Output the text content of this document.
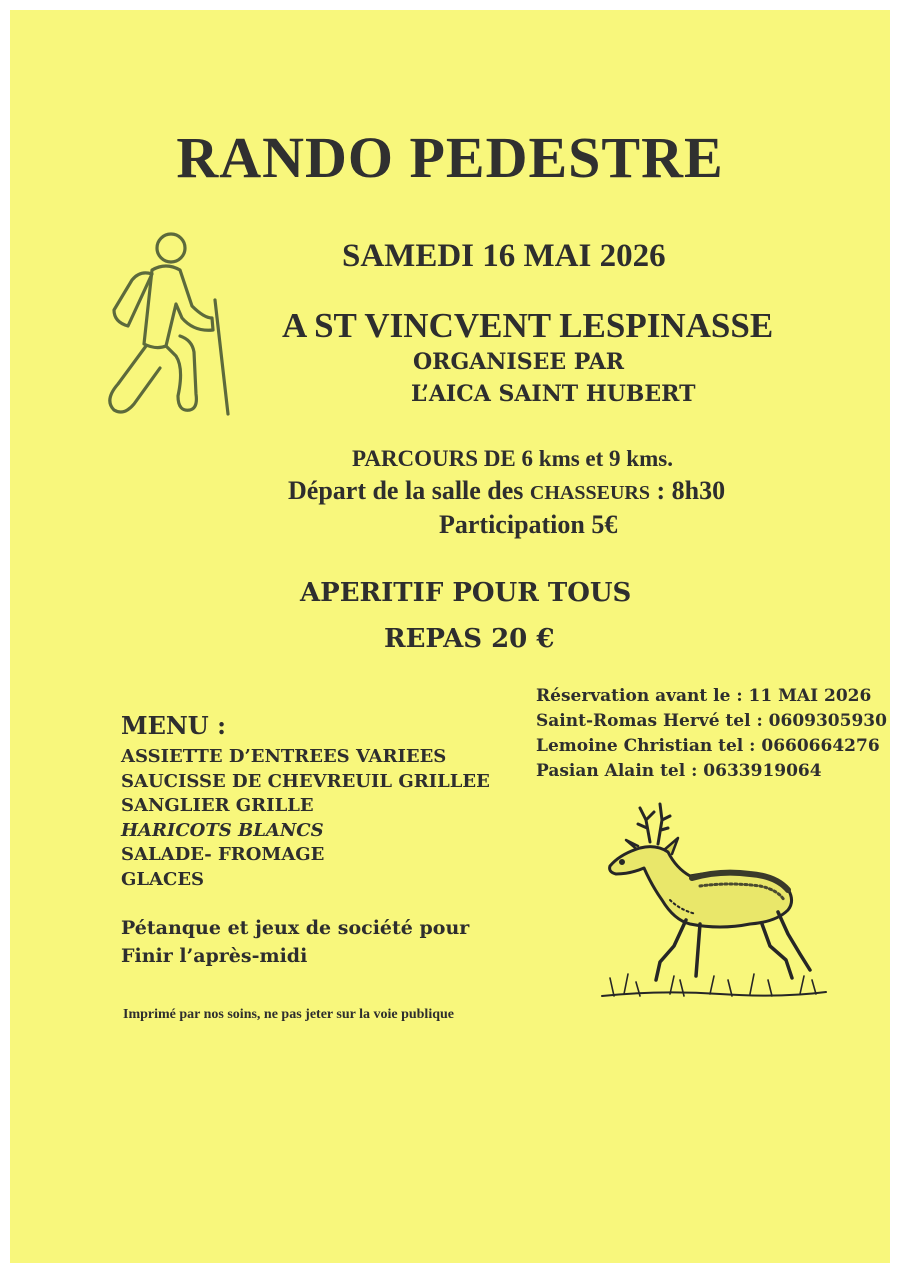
RANDO PEDESTRE
SAMEDI 16 MAI 2026
A ST VINCVENT LESPINASSE
ORGANISEE PAR
L’AICA SAINT HUBERT
PARCOURS DE 6 kms et 9 kms.
Départ de la salle des CHASSEURS : 8h30
Participation 5€
APERITIF POUR TOUS
REPAS 20 €
Réservation avant le : 11 MAI 2026
Saint-Romas Hervé tel : 0609305930
Lemoine Christian tel : 0660664276
Pasian Alain tel : 0633919064
MENU :
ASSIETTE D’ENTREES VARIEES
SAUCISSE DE CHEVREUIL GRILLEE
SANGLIER GRILLE
HARICOTS BLANCS
SALADE- FROMAGE
GLACES
Pétanque et jeux de société pour
Finir l’après-midi
Imprimé par nos soins, ne pas jeter sur la voie publique
